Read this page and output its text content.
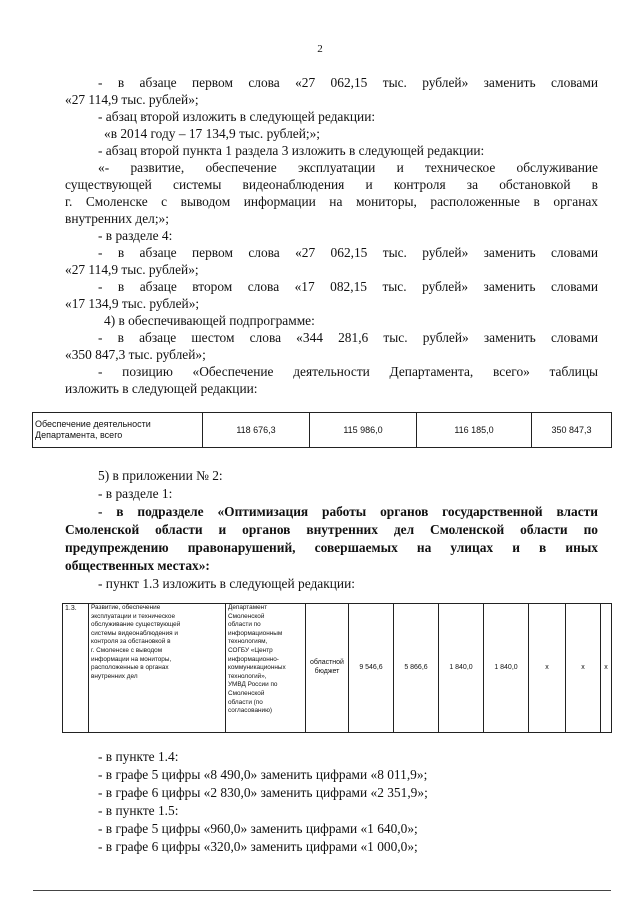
2
- в абзаце первом слова «27 062,15 тыс. рублей» заменить словами
«27 114,9 тыс. рублей»;
- абзац второй изложить в следующей редакции:
«в 2014 году – 17 134,9 тыс. рублей;»;
- абзац второй пункта 1 раздела 3 изложить в следующей редакции:
«- развитие, обеспечение эксплуатации и техническое обслуживание
существующей системы видеонаблюдения и контроля за обстановкой в
г. Смоленске с выводом информации на мониторы, расположенные в органах
внутренних дел;»;
- в разделе 4:
- в абзаце первом слова «27 062,15 тыс. рублей» заменить словами
«27 114,9 тыс. рублей»;
- в абзаце втором слова «17 082,15 тыс. рублей» заменить словами
«17 134,9 тыс. рублей»;
4) в обеспечивающей подпрограмме:
- в абзаце шестом слова «344 281,6 тыс. рублей» заменить словами
«350 847,3 тыс. рублей»;
- позицию «Обеспечение деятельности Департамента, всего» таблицы
изложить в следующей редакции:
Обеспечение деятельности
Департамента, всего
	118 676,3	115 986,0	116 185,0	350 847,3
5) в приложении № 2:
- в разделе 1:
- в подразделе «Оптимизация работы органов государственной власти
Смоленской области и органов внутренних дел Смоленской области по
предупреждению правонарушений, совершаемых на улицах и в иных
общественных местах»:
- пункт 1.3 изложить в следующей редакции:
1.3.	Развитие, обеспечение
эксплуатации и техническое
обслуживание существующей
системы видеонаблюдения и
контроля за обстановкой в
г. Смоленске с выводом
информации на мониторы,
расположенные в органах
внутренних дел

Департамент
Смоленской
области по
информационным
технологиям,
СОГБУ «Центр
информационно-
коммуникационных
технологий»,
УМВД России по
Смоленской
области (по
согласованию)
	областной бюджет	9 546,6	5 866,6	1 840,0	1 840,0	х	х	х
- в пункте 1.4:
- в графе 5 цифры «8 490,0» заменить цифрами «8 011,9»;
- в графе 6 цифры «2 830,0» заменить цифрами «2 351,9»;
- в пункте 1.5:
- в графе 5 цифры «960,0» заменить цифрами «1 640,0»;
- в графе 6 цифры «320,0» заменить цифрами «1 000,0»;
